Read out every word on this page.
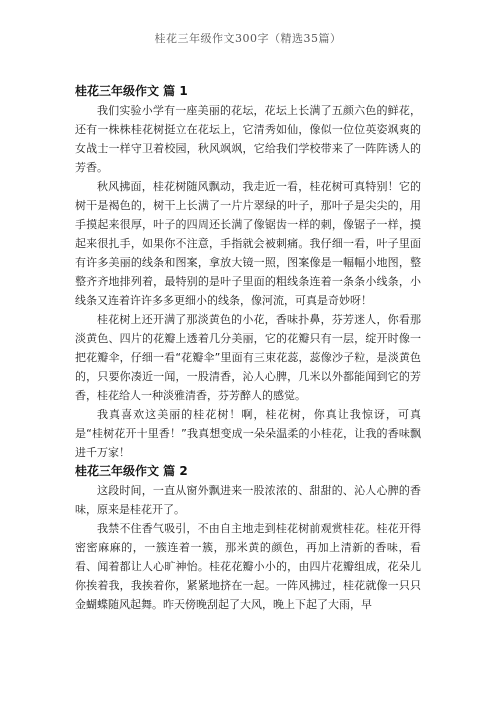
桂花三年级作文300字（精选35篇）

桂花三年级作文 篇 1

我们实验小学有一座美丽的花坛，花坛上长满了五颜六色的鲜花，还有一株株桂花树挺立在花坛上，它清秀如仙，像似一位位英姿飒爽的女战士一样守卫着校园，秋风飒飒，它给我们学校带来了一阵阵诱人的芳香。

秋风拂面，桂花树随风飘动，我走近一看，桂花树可真特别！它的树干是褐色的，树干上长满了一片片翠绿的叶子，那叶子是尖尖的，用手摸起来很厚，叶子的四周还长满了像锯齿一样的刺，像锯子一样，摸起来很扎手，如果你不注意，手指就会被刺痛。我仔细一看，叶子里面有许多美丽的线条和图案，拿放大镜一照，图案像是一幅幅小地图，整整齐齐地排列着，最特别的是叶子里面的粗线条连着一条条小线条，小线条又连着许许多多更细小的线条，像河流，可真是奇妙呀！

桂花树上还开满了那淡黄色的小花，香味扑鼻，芬芳迷人，你看那淡黄色、四片的花瓣上透着几分美丽，它的花瓣只有一层，绽开时像一把花瓣伞，仔细一看“花瓣伞”里面有三束花蕊，蕊像沙子粒，是淡黄色的，只要你凑近一闻，一股清香，沁人心脾，几米以外都能闻到它的芳香，桂花给人一种淡雅清香，芬芳醉人的感觉。

我真喜欢这美丽的桂花树！啊，桂花树，你真让我惊讶，可真是“桂树花开十里香！”我真想变成一朵朵温柔的小桂花，让我的香味飘进千万家！

桂花三年级作文 篇 2

这段时间，一直从窗外飘进来一股浓浓的、甜甜的、沁人心脾的香味，原来是桂花开了。

我禁不住香气吸引，不由自主地走到桂花树前观赏桂花。桂花开得密密麻麻的，一簇连着一簇，那米黄的颜色，再加上清新的香味，看看、闻着都让人心旷神怡。桂花花瓣小小的，由四片花瓣组成，花朵儿你挨着我，我挨着你，紧紧地挤在一起。一阵风拂过，桂花就像一只只金蝴蝶随风起舞。昨天傍晚刮起了大风，晚上下起了大雨，早
